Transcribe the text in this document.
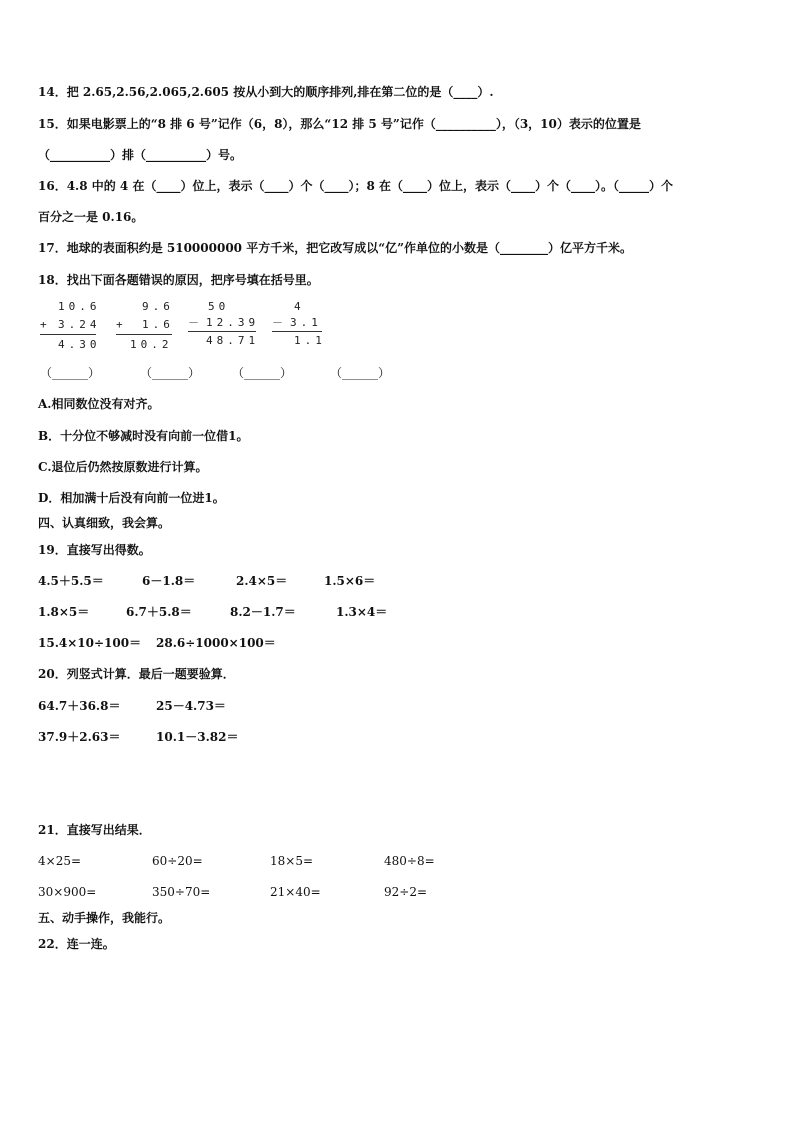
14．把 2.65,2.56,2.065,2.605 按从小到大的顺序排列,排在第二位的是（____）.
15．如果电影票上的“8 排 6 号”记作（6，8），那么“12 排 5 号”记作（__________），（3，10）表示的位置是
（__________）排（__________）号。
16．4.8 中的 4 在（____）位上，表示（____）个（____）；8 在（____）位上，表示（____）个（____）。（_____）个
百分之一是 0.16。
17．地球的表面积约是 510000000 平方千米，把它改写成以“亿”作单位的小数是（________）亿平方千米。
18．找出下面各题错误的原因，把序号填在括号里。
10.6
+ 3.24
4.30
9.6
+ 1.6
10.2
50
－ 12.39
48.71
4
－ 3.1
1.1
（______）	（______）	（______）	（______）
A.相同数位没有对齐。
B．十分位不够减时没有向前一位借1。
C.退位后仍然按原数进行计算。
D．相加满十后没有向前一位进1。
四、认真细致，我会算。
19．直接写出得数。
4.5＋5.5＝	6－1.8＝	2.4×5＝	1.5×6＝
1.8×5＝	6.7＋5.8＝	8.2－1.7＝	1.3×4＝
15.4×10÷100＝ 28.6÷1000×100＝
20．列竖式计算．最后一题要验算．
64.7＋36.8＝	25－4.73＝
37.9＋2.63＝	10.1－3.82＝
21．直接写出结果．
4×25=	60÷20=	18×5=	480÷8=
30×900=	350÷70=	21×40=	92÷2=
五、动手操作，我能行。
22．连一连。
